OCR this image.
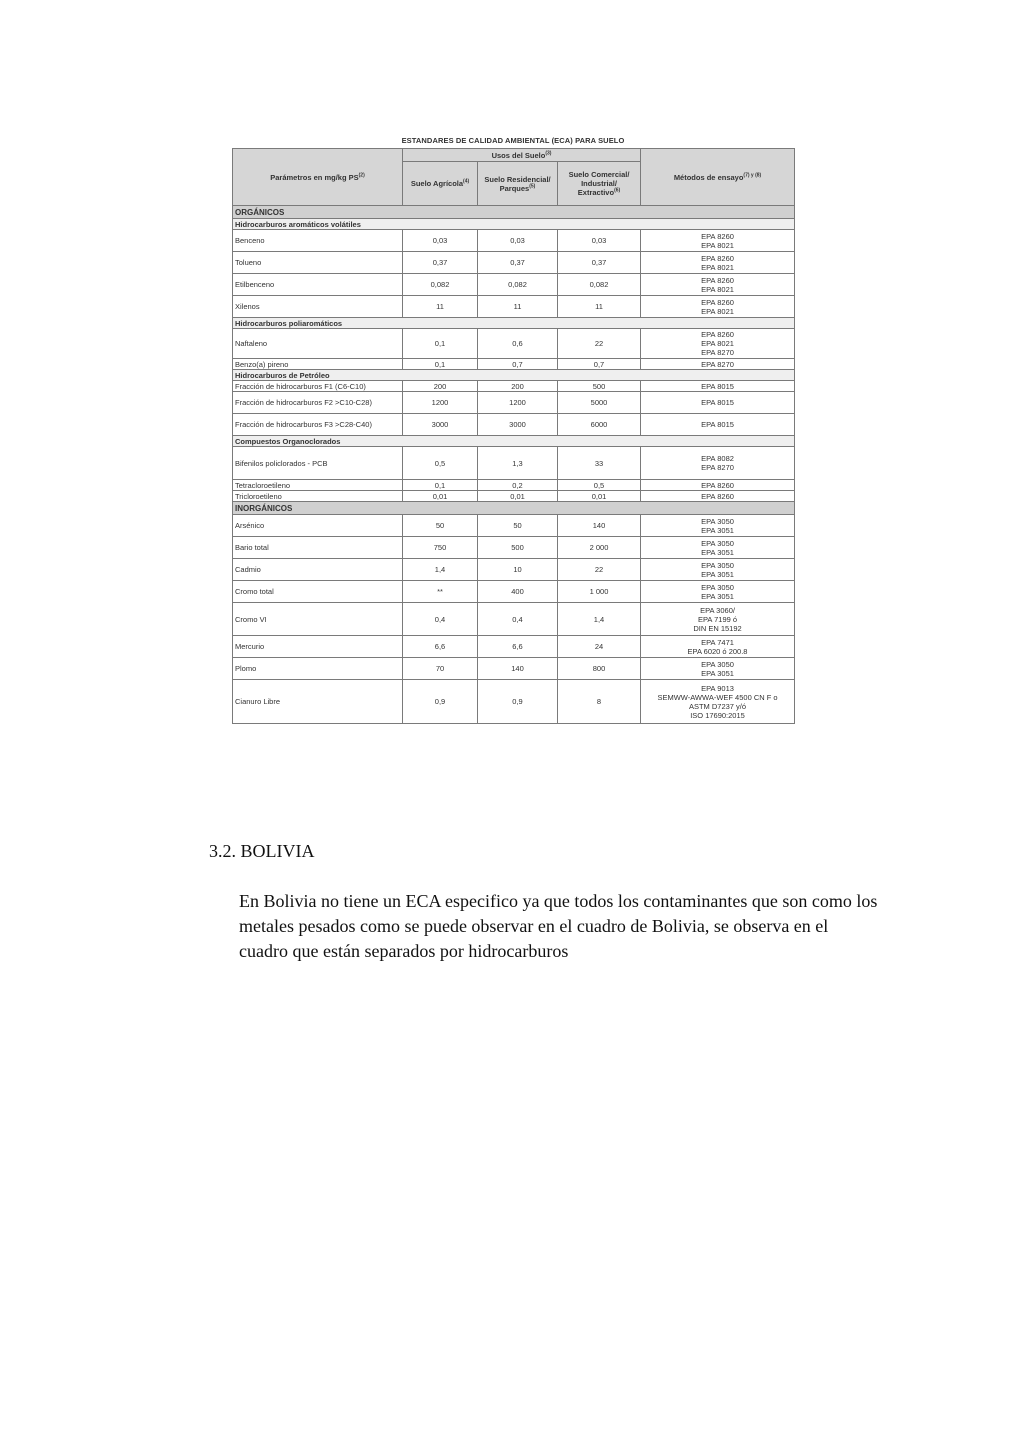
ESTANDARES DE CALIDAD AMBIENTAL (ECA) PARA SUELO
Parámetros en mg/kg PS$^{(2)}$	Usos del Suelo$^{(3)}$			Métodos de ensayo$^{(7) y (8)}$
	Suelo Agrícola$^{(4)}$	Suelo Residencial/ Parques$^{(5)}$	Suelo Comercial/ Industrial/ Extractivo$^{(6)}$
ORGÁNICOS				
Hidrocarburos aromáticos volátiles				
Benceno	0,03	0,03	0,03	EPA 8260
EPA 8021

Tolueno	0,37	0,37	0,37	EPA 8260
EPA 8021

Etilbenceno	0,082	0,082	0,082	EPA 8260
EPA 8021

Xilenos	11	11	11	EPA 8260
EPA 8021

Hidrocarburos poliaromáticos				
Naftaleno	0,1	0,6	22	EPA 8260
EPA 8021
EPA 8270

Benzo(a) pireno	0,1	0,7	0,7	EPA 8270

Hidrocarburos de Petróleo				
Fracción de hidrocarburos F1 (C6-C10)	200	200	500	EPA 8015

Fracción de hidrocarburos F2 >C10-C28)	1200	1200	5000	EPA 8015

Fracción de hidrocarburos F3 >C28-C40)	3000	3000	6000	EPA 8015

Compuestos Organoclorados				
Bifenilos policlorados - PCB	0,5	1,3	33	EPA 8082
EPA 8270

Tetracloroetileno	0,1	0,2	0,5	EPA 8260

Tricloroetileno	0,01	0,01	0,01	EPA 8260

INORGÁNICOS				
Arsénico	50	50	140	EPA 3050
EPA 3051

Bario total	750	500	2 000	EPA 3050
EPA 3051

Cadmio	1,4	10	22	EPA 3050
EPA 3051

Cromo total	**	400	1 000	EPA 3050
EPA 3051

Cromo VI	0,4	0,4	1,4	EPA 3060/
EPA 7199 ó
DIN EN 15192

Mercurio	6,6	6,6	24	EPA 7471
EPA 6020 ó 200.8

Plomo	70	140	800	EPA 3050
EPA 3051

Cianuro Libre	0,9	0,9	8	EPA 9013
SEMWW-AWWA-WEF 4500 CN F o
ASTM D7237 y/ó
ISO 17690:2015
3.2. BOLIVIA
En Bolivia no tiene un ECA especifico ya que todos los contaminantes que son como los metales pesados como se puede observar en el cuadro de Bolivia, se observa en el cuadro que están separados por hidrocarburos
